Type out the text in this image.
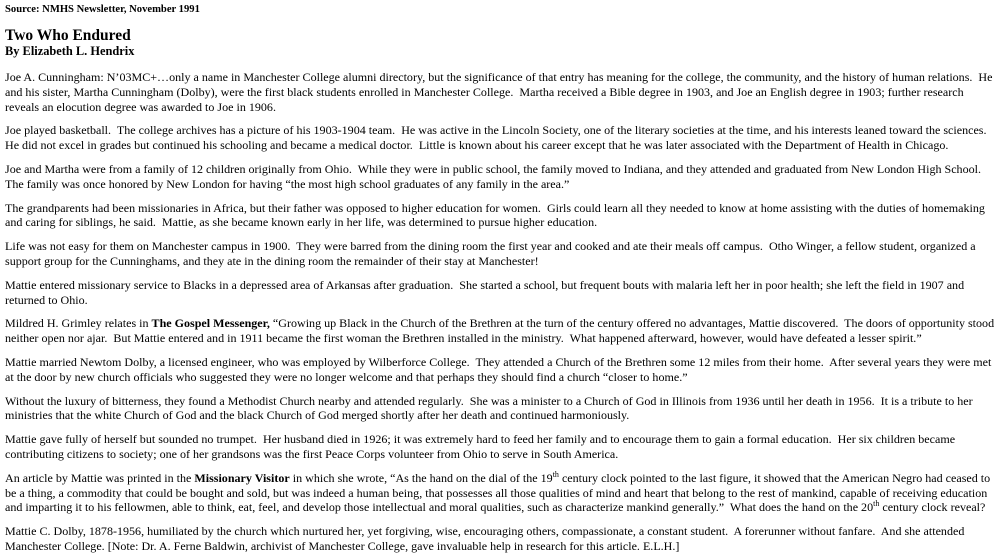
Source: NMHS Newsletter, November 1991
Two Who Endured
By Elizabeth L. Hendrix

Joe A. Cunningham: N’03MC+…only a name in Manchester College alumni directory, but the significance of that entry has meaning for the college, the community, and the history of human relations.  He and his sister, Martha Cunningham (Dolby), were the first black students enrolled in Manchester College.  Martha received a Bible degree in 1903, and Joe an English degree in 1903; further research reveals an elocution degree was awarded to Joe in 1906.

Joe played basketball.  The college archives has a picture of his 1903-1904 team.  He was active in the Lincoln Society, one of the literary societies at the time, and his interests leaned toward the sciences.  He did not excel in grades but continued his schooling and became a medical doctor.  Little is known about his career except that he was later associated with the Department of Health in Chicago.

Joe and Martha were from a family of 12 children originally from Ohio.  While they were in public school, the family moved to Indiana, and they attended and graduated from New London High School.  The family was once honored by New London for having “the most high school graduates of any family in the area.”

The grandparents had been missionaries in Africa, but their father was opposed to higher education for women.  Girls could learn all they needed to know at home assisting with the duties of homemaking and caring for siblings, he said.  Mattie, as she became known early in her life, was determined to pursue higher education.

Life was not easy for them on Manchester campus in 1900.  They were barred from the dining room the first year and cooked and ate their meals off campus.  Otho Winger, a fellow student, organized a support group for the Cunninghams, and they ate in the dining room the remainder of their stay at Manchester!

Mattie entered missionary service to Blacks in a depressed area of Arkansas after graduation.  She started a school, but frequent bouts with malaria left her in poor health; she left the field in 1907 and returned to Ohio.

Mildred H. Grimley relates in The Gospel Messenger, “Growing up Black in the Church of the Brethren at the turn of the century offered no advantages, Mattie discovered.  The doors of opportunity stood neither open nor ajar.  But Mattie entered and in 1911 became the first woman the Brethren installed in the ministry.  What happened afterward, however, would have defeated a lesser spirit.”

Mattie married Newtom Dolby, a licensed engineer, who was employed by Wilberforce College.  They attended a Church of the Brethren some 12 miles from their home.  After several years they were met at the door by new church officials who suggested they were no longer welcome and that perhaps they should find a church “closer to home.”

Without the luxury of bitterness, they found a Methodist Church nearby and attended regularly.  She was a minister to a Church of God in Illinois from 1936 until her death in 1956.  It is a tribute to her ministries that the white Church of God and the black Church of God merged shortly after her death and continued harmoniously.

Mattie gave fully of herself but sounded no trumpet.  Her husband died in 1926; it was extremely hard to feed her family and to encourage them to gain a formal education.  Her six children became contributing citizens to society; one of her grandsons was the first Peace Corps volunteer from Ohio to serve in South America.

An article by Mattie was printed in the Missionary Visitor in which she wrote, “As the hand on the dial of the 19th century clock pointed to the last figure, it showed that the American Negro had ceased to be a thing, a commodity that could be bought and sold, but was indeed a human being, that possesses all those qualities of mind and heart that belong to the rest of mankind, capable of receiving education and imparting it to his fellowmen, able to think, eat, feel, and develop those intellectual and moral qualities, such as characterize mankind generally.”  What does the hand on the 20th century clock reveal?

Mattie C. Dolby, 1878-1956, humiliated by the church which nurtured her, yet forgiving, wise, encouraging others, compassionate, a constant student.  A forerunner without fanfare.  And she attended Manchester College. [Note: Dr. A. Ferne Baldwin, archivist of Manchester College, gave invaluable help in research for this article. E.L.H.]
